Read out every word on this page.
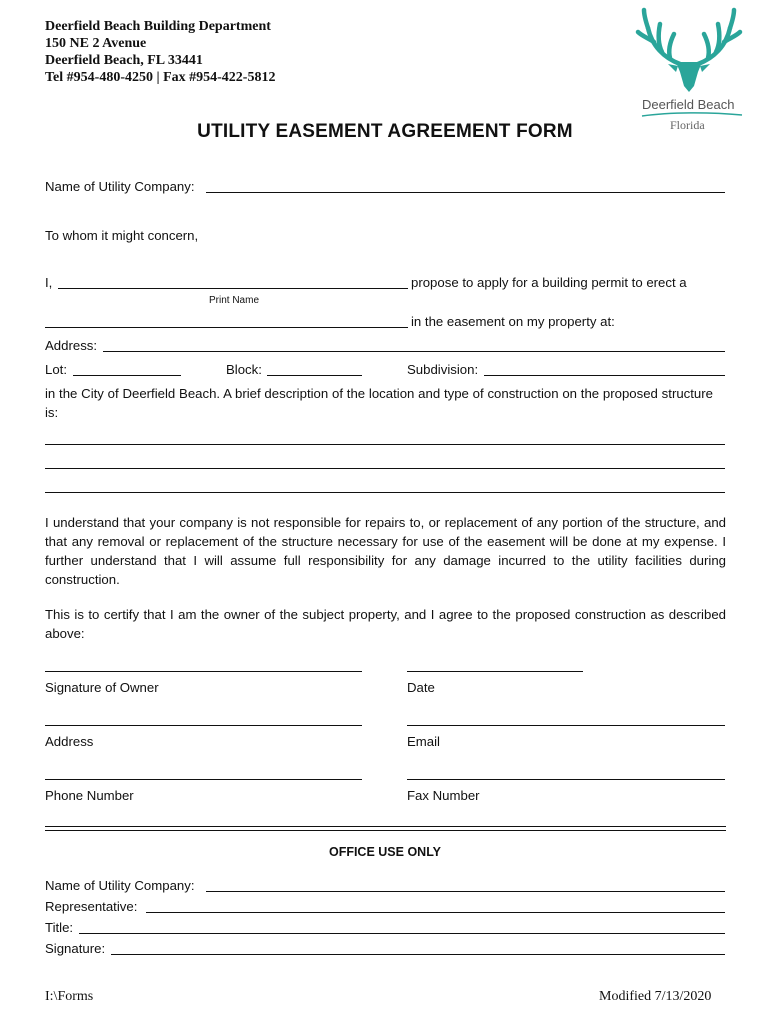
Deerfield Beach Building Department
150 NE 2 Avenue
Deerfield Beach, FL 33441
Tel #954-480-4250 | Fax #954-422-5812
Deerfield Beach
Florida
UTILITY EASEMENT AGREEMENT FORM
Name of Utility Company:
To whom it might concern,
I,	propose to apply for a building permit to erect a
Print Name
in the easement on my property at:
Address:
Lot:	Block:	Subdivision:
in the City of Deerfield Beach. A brief description of the location and type of construction on the proposed structure is:
I understand that your company is not responsible for repairs to, or replacement of any portion of the structure, and that any removal or replacement of the structure necessary for use of the easement will be done at my expense. I further understand that I will assume full responsibility for any damage incurred to the utility facilities during construction.
This is to certify that I am the owner of the subject property, and I agree to the proposed construction as described above:
Signature of Owner	Date
Address	Email
Phone Number	Fax Number
OFFICE USE ONLY
Name of Utility Company:
Representative:
Title:
Signature:
I:\Forms	Modified 7/13/2020
